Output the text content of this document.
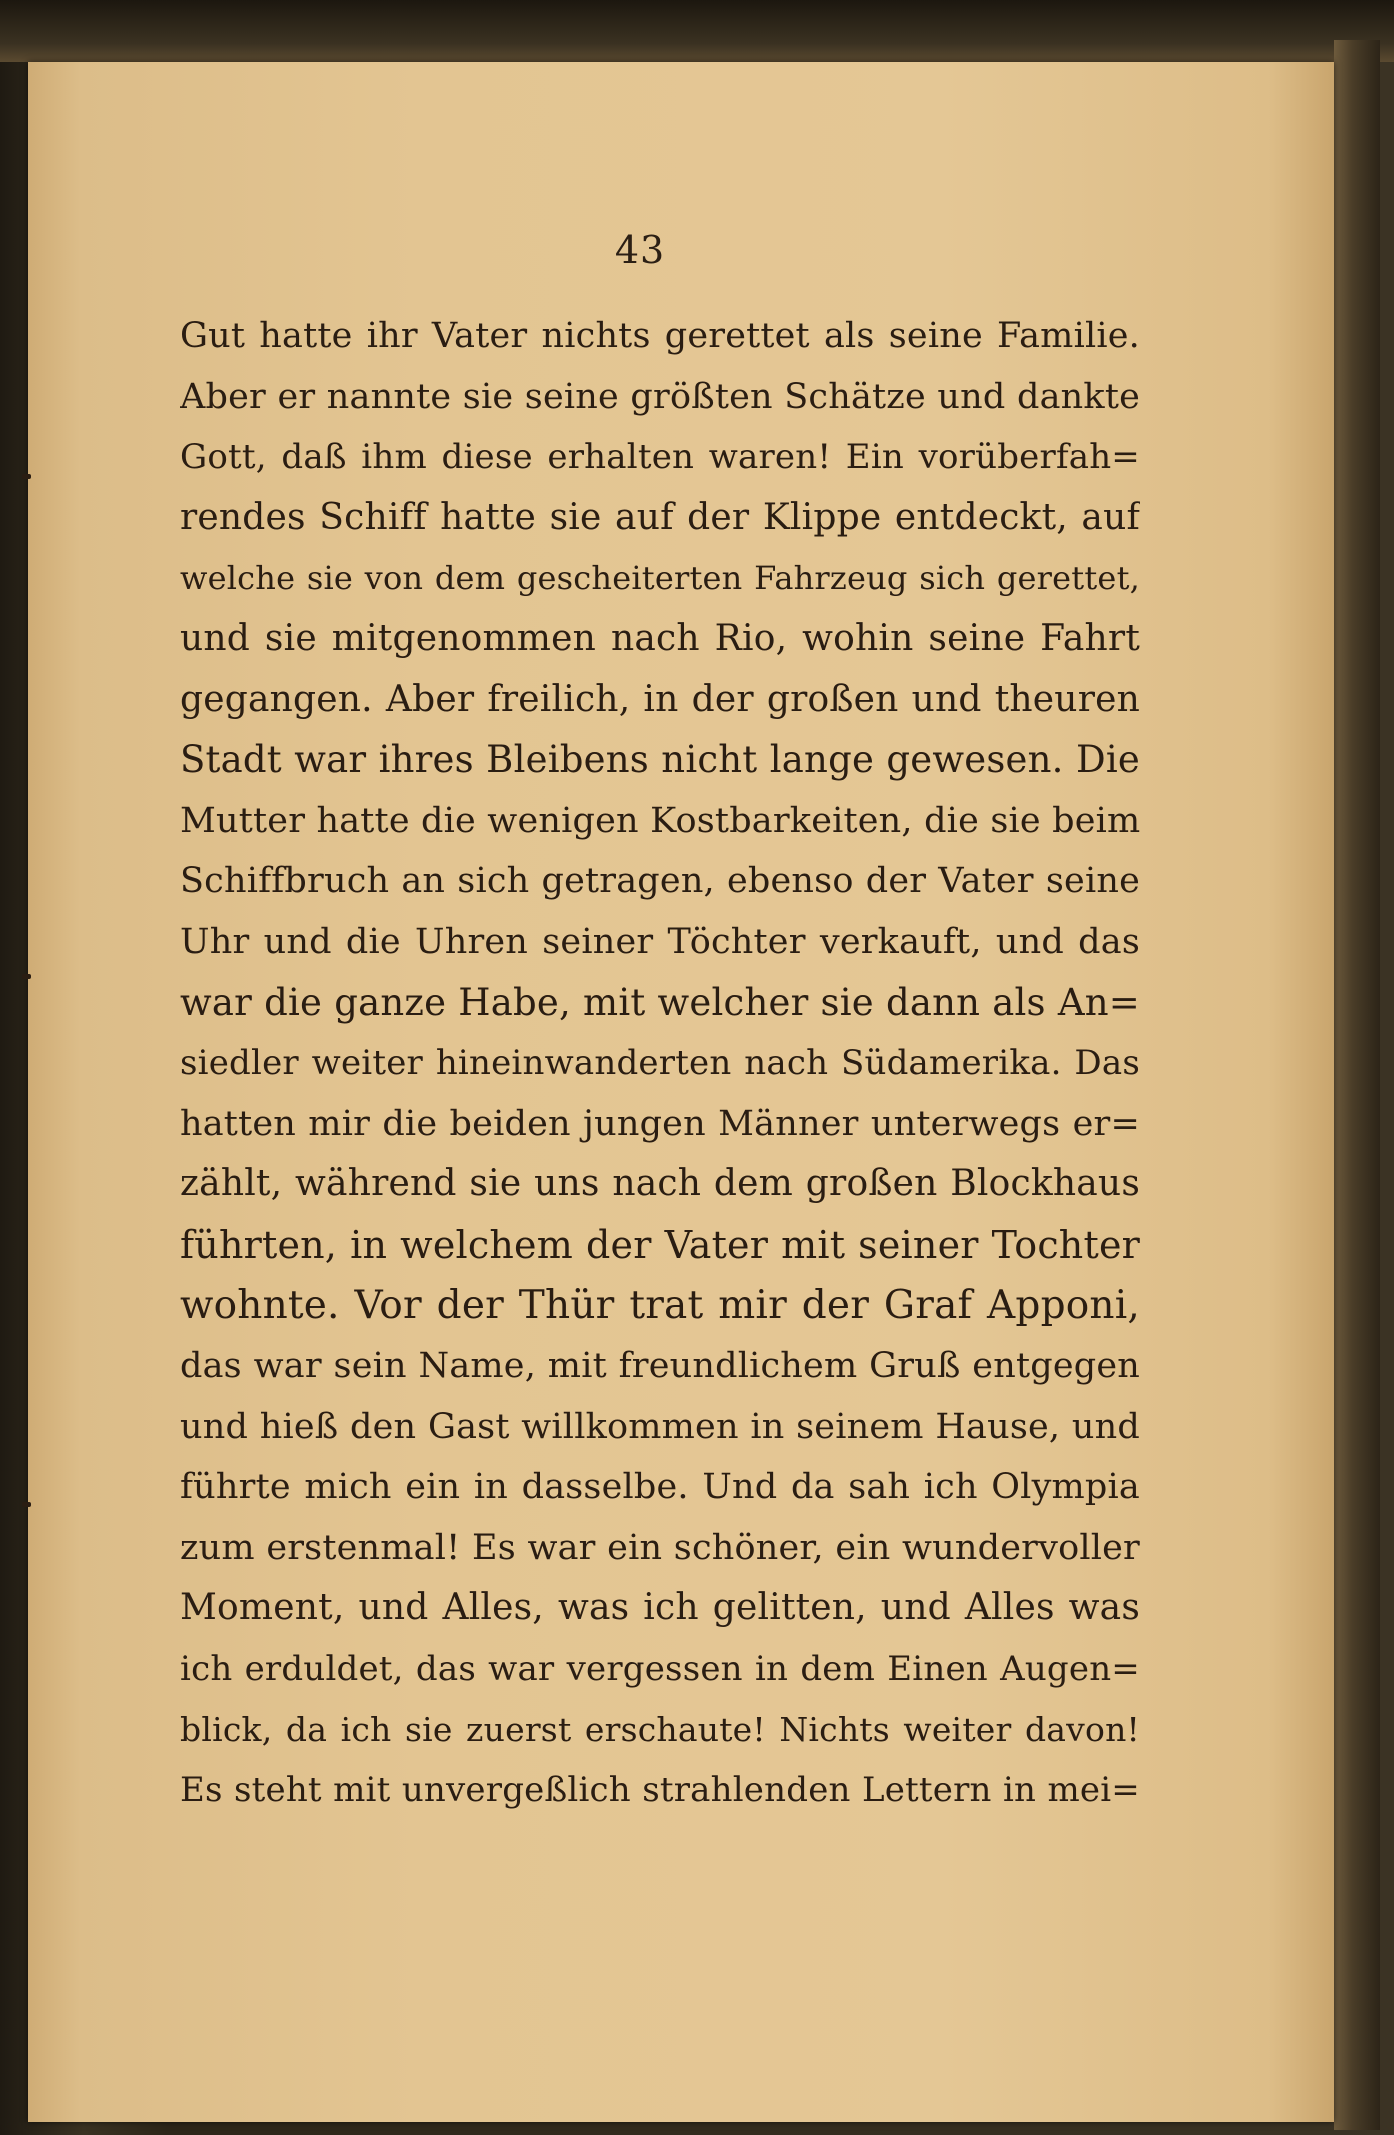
43
Gut hatte ihr Vater nichts gerettet als seine Familie.
Aber er nannte sie seine größten Schätze und dankte
Gott, daß ihm diese erhalten waren! Ein vorüberfah=
rendes Schiff hatte sie auf der Klippe entdeckt, auf
welche sie von dem gescheiterten Fahrzeug sich gerettet,
und sie mitgenommen nach Rio, wohin seine Fahrt
gegangen. Aber freilich, in der großen und theuren
Stadt war ihres Bleibens nicht lange gewesen. Die
Mutter hatte die wenigen Kostbarkeiten, die sie beim
Schiffbruch an sich getragen, ebenso der Vater seine
Uhr und die Uhren seiner Töchter verkauft, und das
war die ganze Habe, mit welcher sie dann als An=
siedler weiter hineinwanderten nach Südamerika. Das
hatten mir die beiden jungen Männer unterwegs er=
zählt, während sie uns nach dem großen Blockhaus
führten, in welchem der Vater mit seiner Tochter
wohnte. Vor der Thür trat mir der Graf Apponi,
das war sein Name, mit freundlichem Gruß entgegen
und hieß den Gast willkommen in seinem Hause, und
führte mich ein in dasselbe. Und da sah ich Olympia
zum erstenmal! Es war ein schöner, ein wundervoller
Moment, und Alles, was ich gelitten, und Alles was
ich erduldet, das war vergessen in dem Einen Augen=
blick, da ich sie zuerst erschaute! Nichts weiter davon!
Es steht mit unvergeßlich strahlenden Lettern in mei=
